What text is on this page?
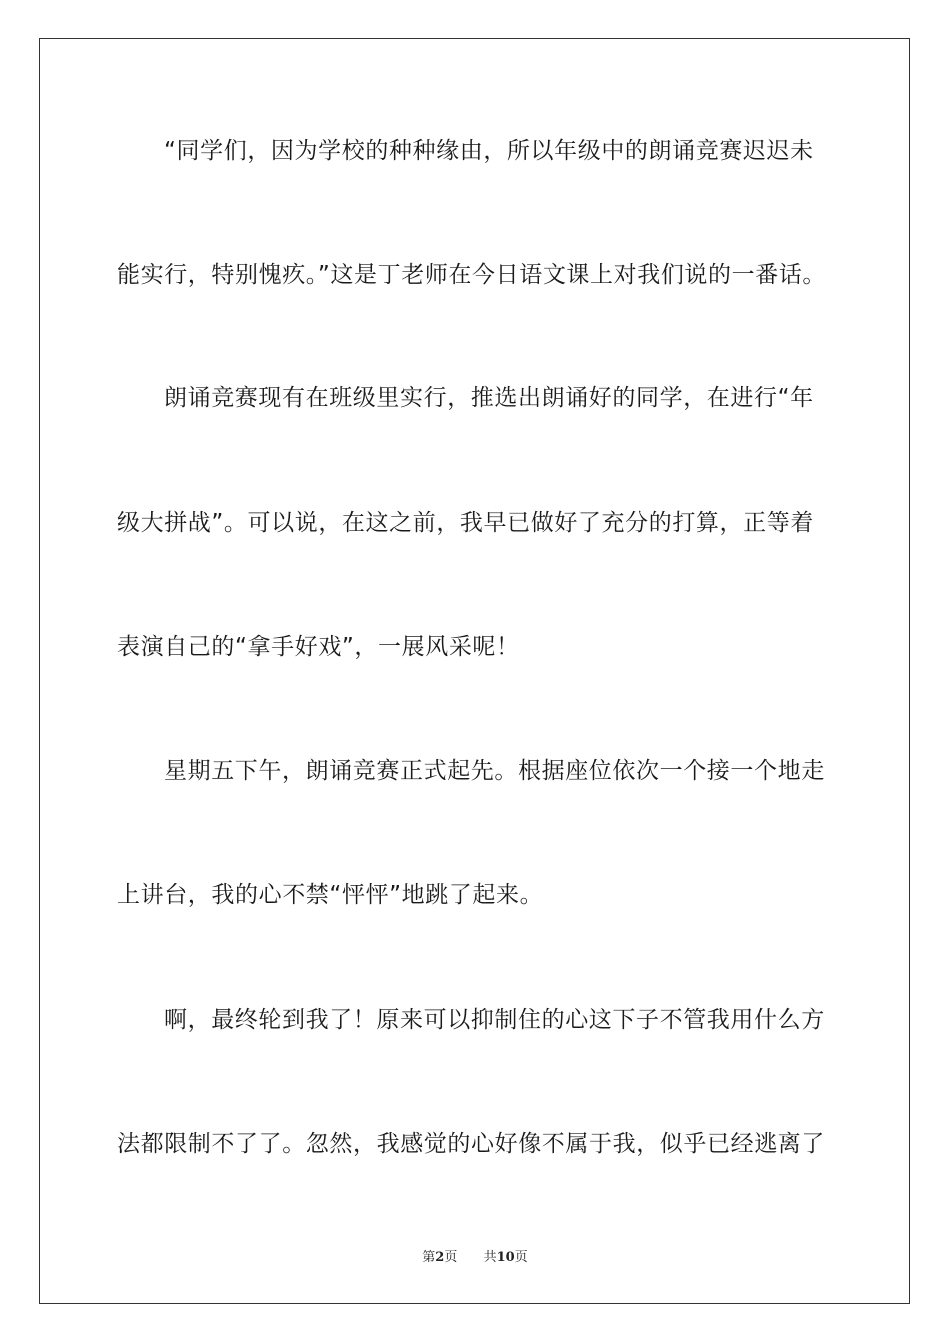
“同学们，因为学校的种种缘由，所以年级中的朗诵竞赛迟迟未
能实行，特别愧疚。”这是丁老师在今日语文课上对我们说的一番话。
朗诵竞赛现有在班级里实行，推选出朗诵好的同学，在进行“年
级大拼战”。可以说，在这之前，我早已做好了充分的打算，正等着
表演自己的“拿手好戏”，一展风采呢！
星期五下午，朗诵竞赛正式起先。根据座位依次一个接一个地走
上讲台，我的心不禁“怦怦”地跳了起来。
啊，最终轮到我了！原来可以抑制住的心这下子不管我用什么方
法都限制不了了。忽然，我感觉的心好像不属于我，似乎已经逃离了
第2页 共10页
